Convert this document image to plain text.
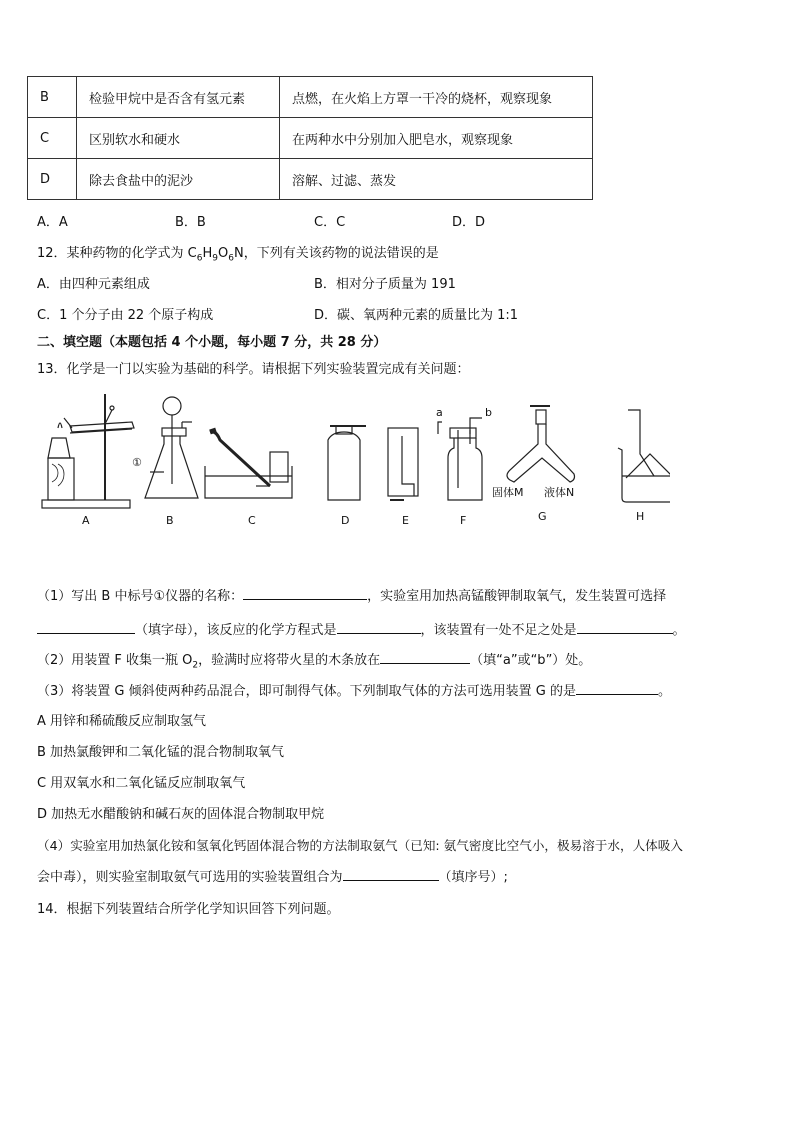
B	检验甲烷中是否含有氢元素	点燃，在火焰上方罩一干冷的烧杯，观察现象
C	区别软水和硬水	在两种水中分别加入肥皂水，观察现象
D	除去食盐中的泥沙	溶解、过滤、蒸发
A．A	B．B	C．C	D．D
12．某种药物的化学式为 $C_6H_9O_6N$，下列有关该药物的说法错误的是
A．由四种元素组成	B．相对分子质量为 191
C．1 个分子由 22 个原子构成	D．碳、氧两种元素的质量比为 1:1
二、填空题（本题包括 4 个小题，每小题 7 分，共 28 分）
13．化学是一门以实验为基础的科学。请根据下列实验装置完成有关问题：
①
a	b
固体M 液体N
A	B	C	D	E	F	G	H
（1）写出 B 中标号①仪器的名称：	，实验室用加热高锰酸钾制取氧气，发生装置可选择
（填字母），该反应的化学方程式是	，该装置有一处不足之处是	。
（2）用装置 F 收集一瓶 $O_2$，验满时应将带火星的木条放在	（填“a”或“b”）处。
（3）将装置 G 倾斜使两种药品混合，即可制得气体。下列制取气体的方法可选用装置 G 的是	。
A 用锌和稀硫酸反应制取氢气
B 加热氯酸钾和二氧化锰的混合物制取氧气
C 用双氧水和二氧化锰反应制取氧气
D 加热无水醋酸钠和碱石灰的固体混合物制取甲烷
（4）实验室用加热氯化铵和氢氧化钙固体混合物的方法制取氨气（已知: 氨气密度比空气小，极易溶于水，人体吸入
会中毒），则实验室制取氨气可选用的实验装置组合为	（填序号）;
14．根据下列装置结合所学化学知识回答下列问题。
